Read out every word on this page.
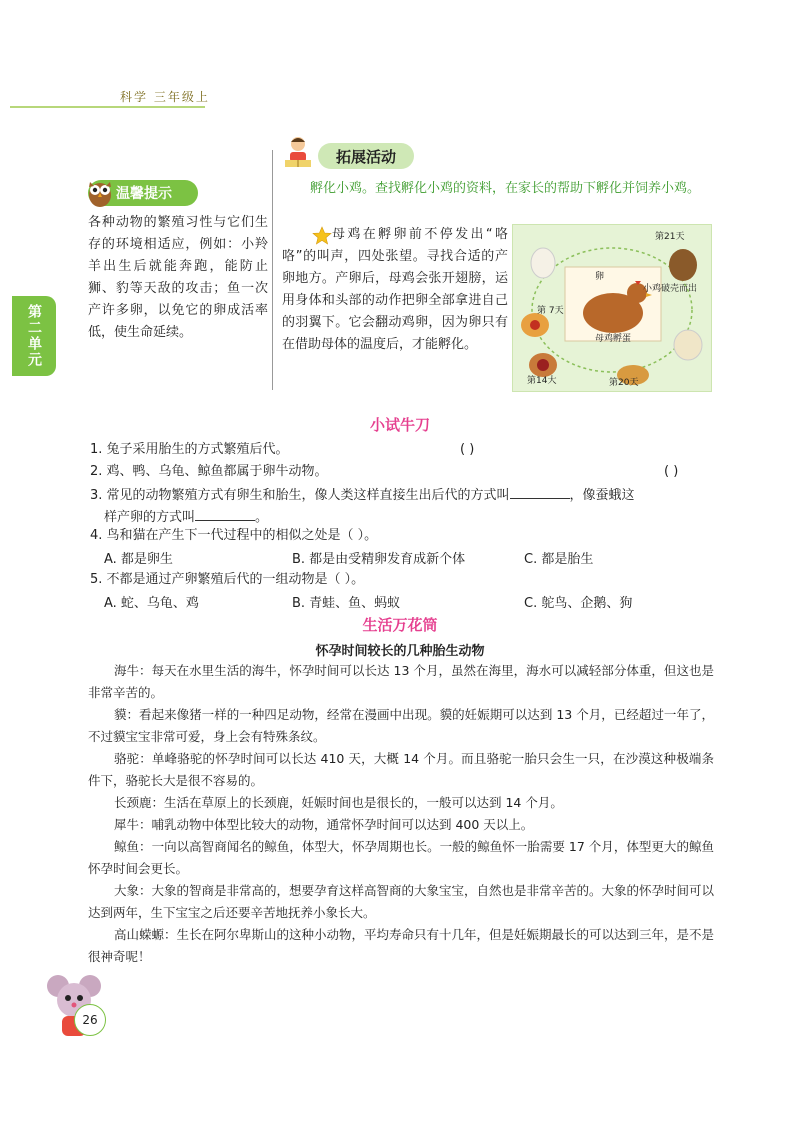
科学 三年级上
第二单元
温馨提示
各种动物的繁殖习性与它们生存的环境相适应，例如：小羚羊出生后就能奔跑，能防止狮、豹等天敌的攻击；鱼一次产许多卵，以免它的卵成活率低，使生命延续。
拓展活动
孵化小鸡。查找孵化小鸡的资料，在家长的帮助下孵化并饲养小鸡。
母鸡在孵卵前不停发出“咯咯”的叫声，四处张望。寻找合适的产卵地方。产卵后，母鸡会张开翅膀，运用身体和头部的动作把卵全部拿进自己的羽翼下。它会翻动鸡卵，因为卵只有在借助母体的温度后，才能孵化。
第21天
卵
小鸡破壳而出
第 7天
母鸡孵蛋
第14大	第20天
小试牛刀
1. 兔子采用胎生的方式繁殖后代。	( )
2. 鸡、鸭、乌龟、鲸鱼都属于卵牛动物。	( )
3. 常见的动物繁殖方式有卵生和胎生，像人类这样直接生出后代的方式叫	，像蚕蛾这
样产卵的方式叫	。
4. 鸟和猫在产生下一代过程中的相似之处是（ ）。
A. 都是卵生	B. 都是由受精卵发育成新个体	C. 都是胎生
5. 不都是通过产卵繁殖后代的一组动物是（ ）。
A. 蛇、乌龟、鸡	B. 青蛙、鱼、蚂蚁	C. 鸵鸟、企鹅、狗
生活万花筒
怀孕时间较长的几种胎生动物
海牛：每天在水里生活的海牛，怀孕时间可以长达 13 个月，虽然在海里，海水可以减轻部分体重，但这也是非常辛苦的。
貘：看起来像猪一样的一种四足动物，经常在漫画中出现。貘的妊娠期可以达到 13 个月，已经超过一年了，不过貘宝宝非常可爱，身上会有特殊条纹。
骆驼：单峰骆驼的怀孕时间可以长达 410 天，大概 14 个月。而且骆驼一胎只会生一只，在沙漠这种极端条件下，骆驼长大是很不容易的。
长颈鹿：生活在草原上的长颈鹿，妊娠时间也是很长的，一般可以达到 14 个月。
犀牛：哺乳动物中体型比较大的动物，通常怀孕时间可以达到 400 天以上。
鲸鱼：一向以高智商闻名的鲸鱼，体型大，怀孕周期也长。一般的鲸鱼怀一胎需要 17 个月，体型更大的鲸鱼怀孕时间会更长。
大象：大象的智商是非常高的，想要孕育这样高智商的大象宝宝，自然也是非常辛苦的。大象的怀孕时间可以达到两年，生下宝宝之后还要辛苦地抚养小象长大。
高山蝾螈：生长在阿尔卑斯山的这种小动物，平均寿命只有十几年，但是妊娠期最长的可以达到三年，是不是很神奇呢！
26
